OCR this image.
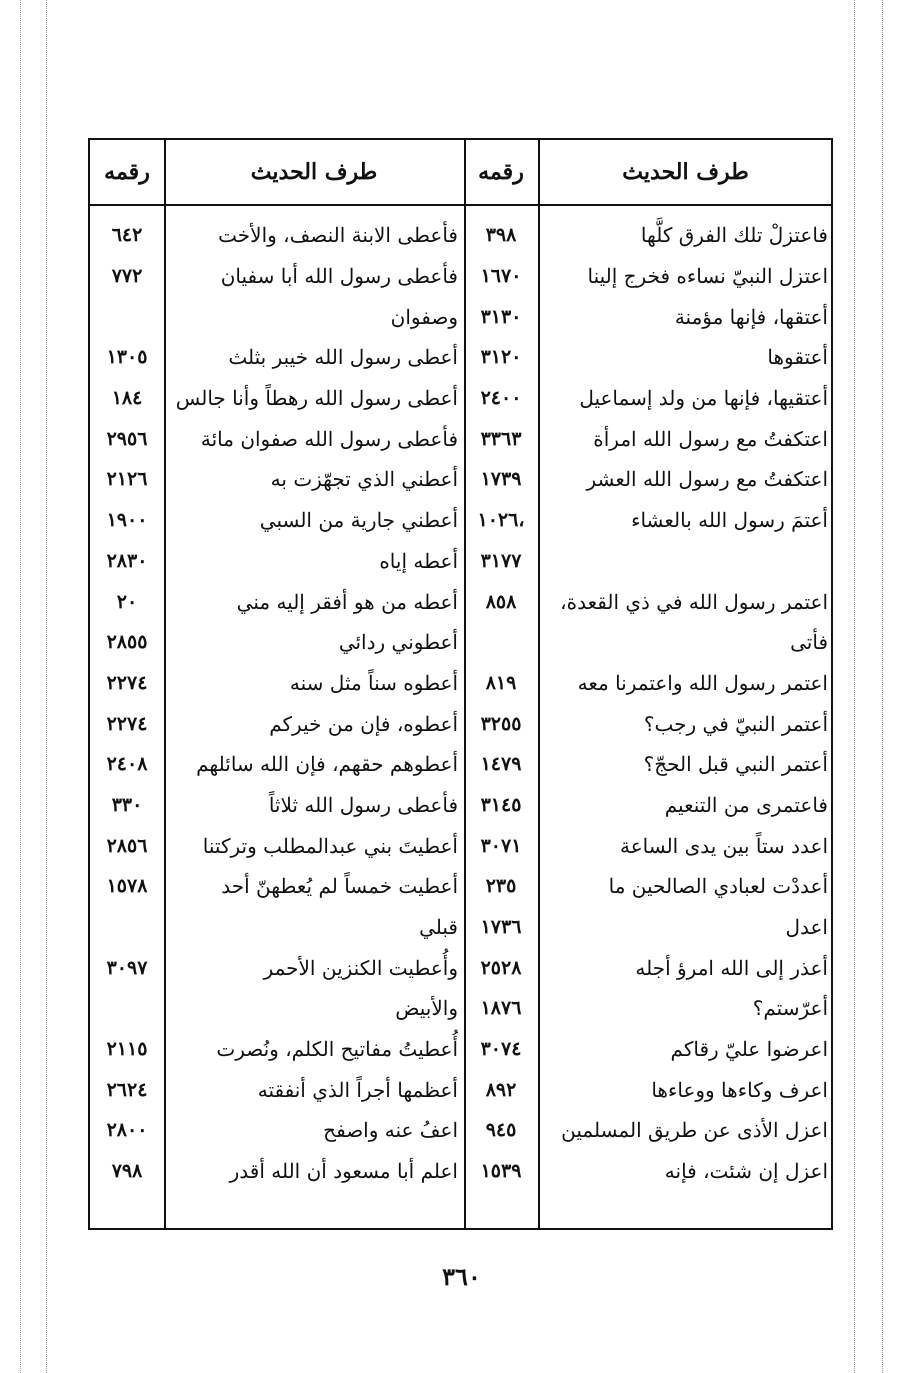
طرف الحديث
رقمه
طرف الحديث
رقمه
فاعتزلْ تلك الفرق كلَّها
٣٩٨
فأعطى الابنة النصف، والأخت
٦٤٢
اعتزل النبيّ نساءه فخرج إلينا
١٦٧٠
فأعطى رسول الله أبا سفيان
٧٧٢
أعتقها، فإنها مؤمنة
٣١٣٠
وصفوان
أعتقوها
٣١٢٠
أعطى رسول الله خيبر بثلث
١٣٠٥
أعتقيها، فإنها من ولد إسماعيل
٢٤٠٠
أعطى رسول الله رهطاً وأنا جالس
١٨٤
اعتكفتُ مع رسول الله امرأة
٣٣٦٣
فأعطى رسول الله صفوان مائة
٢٩٥٦
اعتكفتُ مع رسول الله العشر
١٧٣٩
أعطني الذي تجهّزت به
٢١٢٦
أعتمَ رسول الله بالعشاء
١٠٢٦،
أعطني جارية من السبي
١٩٠٠
٣١٧٧
أعطه إياه
٢٨٣٠
اعتمر رسول الله في ذي القعدة،
٨٥٨
أعطه من هو أفقر إليه مني
٢٠
فأتى
أعطوني ردائي
٢٨٥٥
اعتمر رسول الله واعتمرنا معه
٨١٩
أعطوه سناً مثل سنه
٢٢٧٤
أعتمر النبيّ في رجب؟
٣٢٥٥
أعطوه، فإن من خيركم
٢٢٧٤
أعتمر النبي قبل الحجّ؟
١٤٧٩
أعطوهم حقهم، فإن الله سائلهم
٢٤٠٨
فاعتمرى من التنعيم
٣١٤٥
فأعطى رسول الله ثلاثاً
٣٣٠
اعدد ستاً بين يدى الساعة
٣٠٧١
أعطيتَ بني عبدالمطلب وتركتنا
٢٨٥٦
أعددْت لعبادي الصالحين ما
٢٣٥
أعطيت خمساً لم يُعطهنّ أحد
١٥٧٨
اعدل
١٧٣٦
قبلي
أعذر إلى الله امرؤ أجله
٢٥٢٨
وأُعطيت الكنزين الأحمر
٣٠٩٧
أعرّستم؟
١٨٧٦
والأبيض
اعرضوا عليّ رقاكم
٣٠٧٤
أُعطيتُ مفاتيح الكلم، ونُصرت
٢١١٥
اعرف وكاءها ووعاءها
٨٩٢
أعظمها أجراً الذي أنفقته
٢٦٢٤
اعزل الأذى عن طريق المسلمين
٩٤٥
اعفُ عنه واصفح
٢٨٠٠
اعزل إن شئت، فإنه
١٥٣٩
اعلم أبا مسعود أن الله أقدر
٧٩٨
٣٦٠
